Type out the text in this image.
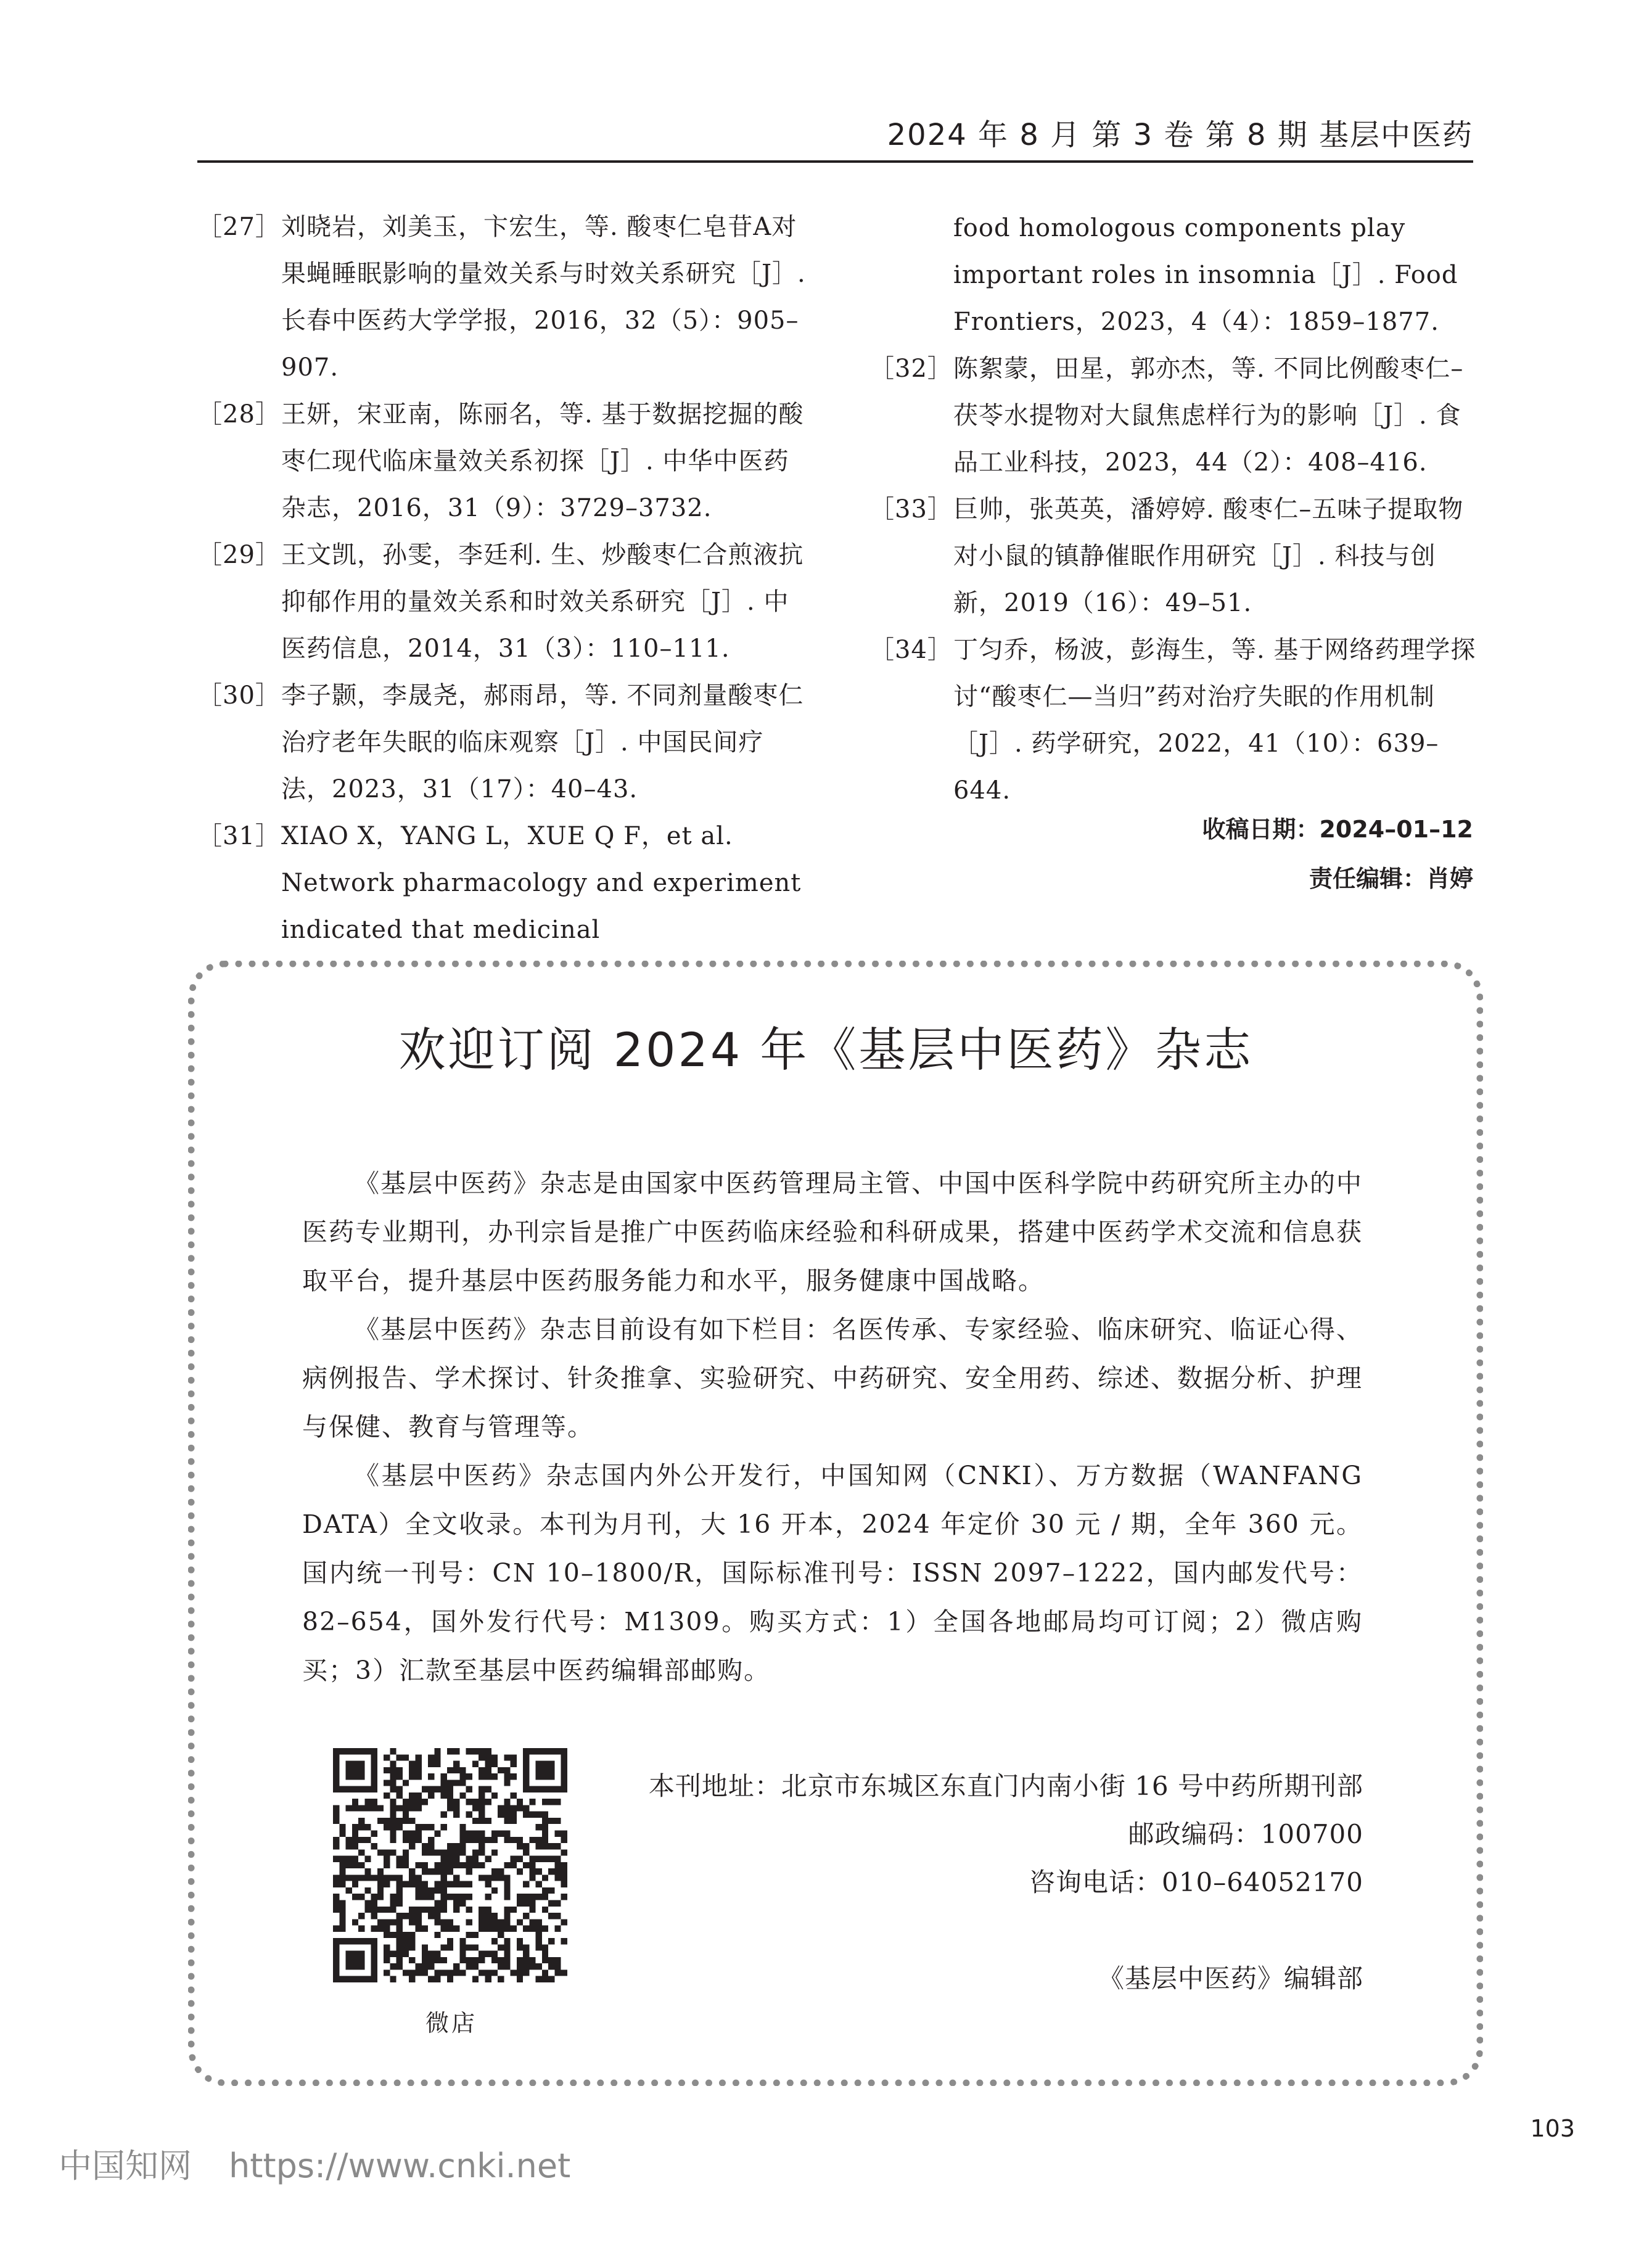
2024 年 8 月 第 3 卷 第 8 期 基层中医药
［27］ 刘晓岩，刘美玉，卞宏生，等. 酸枣仁皂苷A对果蝇睡眠影响的量效关系与时效关系研究［J］. 长春中医药大学学报，2016，32（5）：905–907.
［28］ 王妍，宋亚南，陈丽名，等. 基于数据挖掘的酸枣仁现代临床量效关系初探［J］. 中华中医药杂志，2016，31（9）：3729–3732.
［29］ 王文凯，孙雯，李廷利. 生、炒酸枣仁合煎液抗抑郁作用的量效关系和时效关系研究［J］. 中医药信息，2014，31（3）：110–111.
［30］ 李子颢，李晟尧，郝雨昂，等. 不同剂量酸枣仁治疗老年失眠的临床观察［J］. 中国民间疗法，2023，31（17）：40–43.
［31］ XIAO X，YANG L，XUE Q F，et al. Network pharmacology and experiment indicated that medicinal
food homologous components play important roles in insomnia［J］. Food Frontiers，2023，4（4）：1859–1877.
［32］ 陈絮蒙，田星，郭亦杰，等. 不同比例酸枣仁–茯苓水提物对大鼠焦虑样行为的影响［J］. 食品工业科技，2023，44（2）：408–416.
［33］ 巨帅，张英英，潘婷婷. 酸枣仁–五味子提取物对小鼠的镇静催眠作用研究［J］. 科技与创新，2019（16）：49–51.
［34］ 丁匀乔，杨波，彭海生，等. 基于网络药理学探讨“酸枣仁—当归”药对治疗失眠的作用机制［J］. 药学研究，2022，41（10）：639–644.
收稿日期：2024–01–12
责任编辑：肖婷
欢迎订阅 2024 年《基层中医药》杂志

《基层中医药》杂志是由国家中医药管理局主管、中国中医科学院中药研究所主办的中医药专业期刊，办刊宗旨是推广中医药临床经验和科研成果，搭建中医药学术交流和信息获取平台，提升基层中医药服务能力和水平，服务健康中国战略。

《基层中医药》杂志目前设有如下栏目：名医传承、专家经验、临床研究、临证心得、病例报告、学术探讨、针灸推拿、实验研究、中药研究、安全用药、综述、数据分析、护理与保健、教育与管理等。

《基层中医药》杂志国内外公开发行，中国知网（CNKI）、万方数据（WANFANG DATA）全文收录。本刊为月刊，大 16 开本，2024 年定价 30 元 / 期，全年 360 元。国内统一刊号：CN 10–1800/R，国际标准刊号：ISSN 2097–1222，国内邮发代号：82–654，国外发行代号：M1309。购买方式：1）全国各地邮局均可订阅；2）微店购买；3）汇款至基层中医药编辑部邮购。

微店
本刊地址：北京市东城区东直门内南小街 16 号中药所期刊部
邮政编码：100700
咨询电话：010–64052170
《基层中医药》编辑部
103
中国知网 https://www.cnki.net
